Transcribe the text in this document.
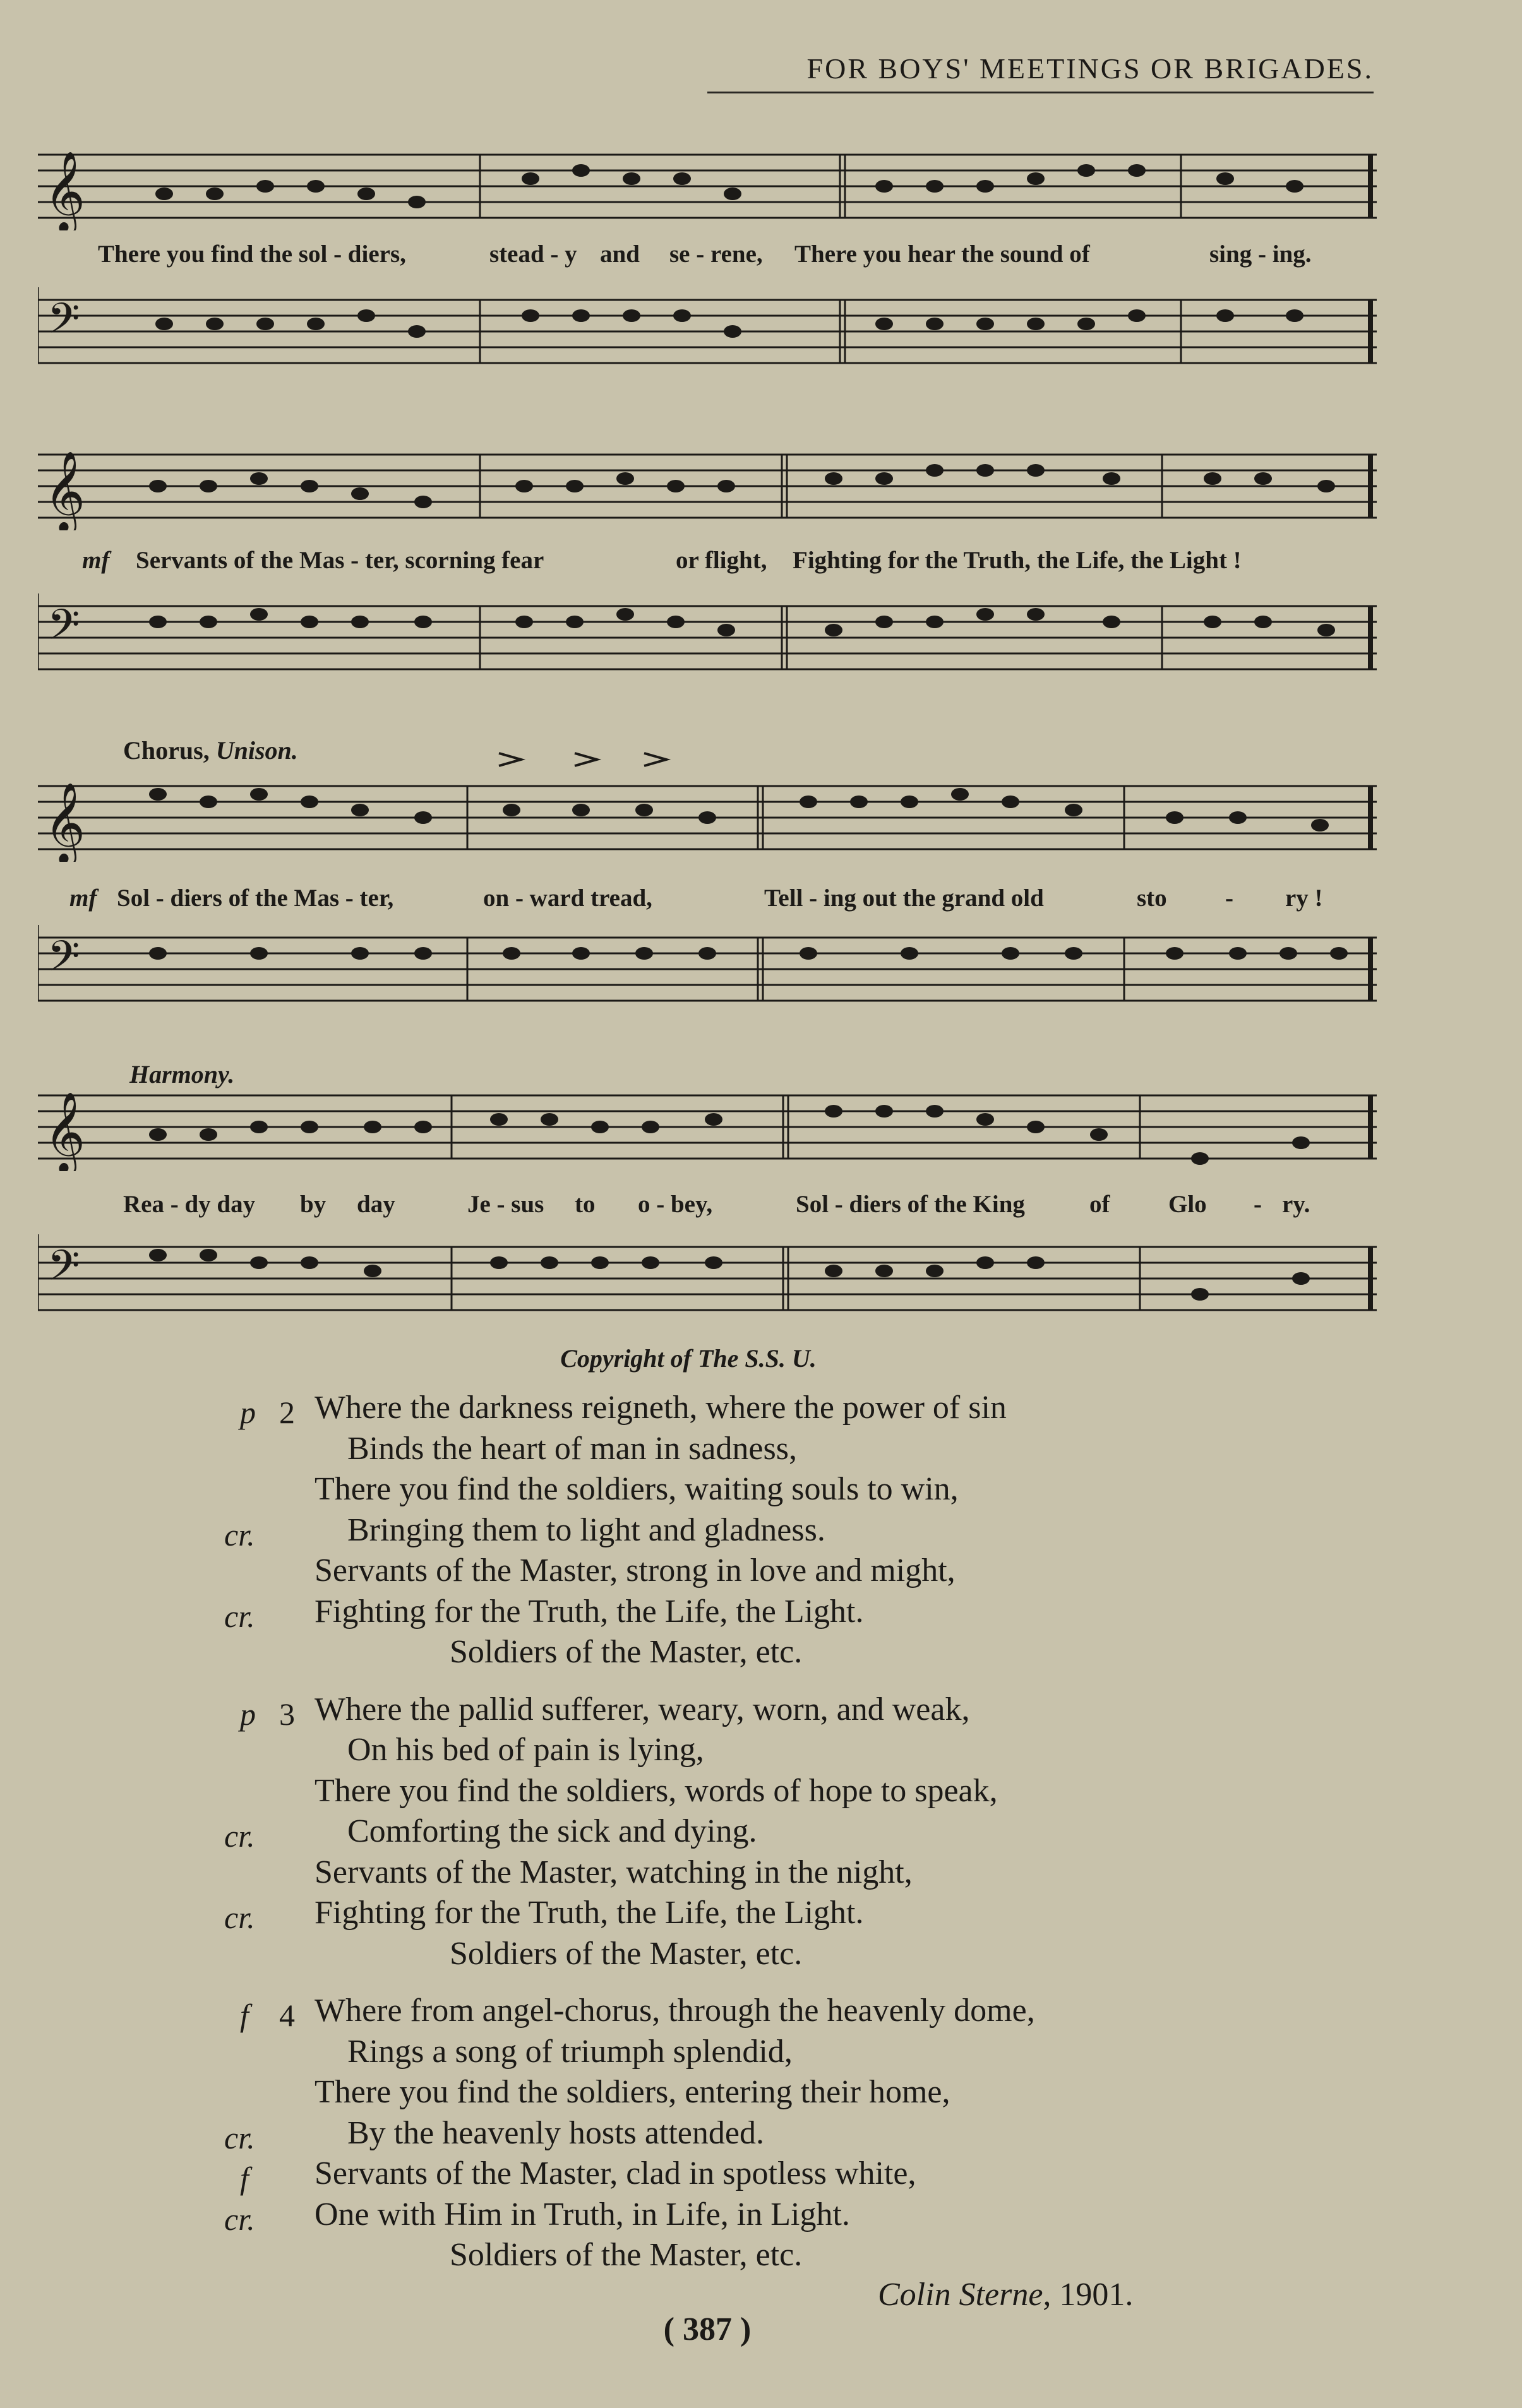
FOR BOYS' MEETINGS OR BRIGADES.
𝄞
There you find the sol - diers,	stead - y and se - rene, There you hear the sound of	sing - ing.
𝄢
𝄞
mf Servants of the Mas - ter, scorning fear	or flight, Fighting for the Truth, the Life, the Light !
𝄢
Chorus, Unison.
𝄞
mf Sol - diers of the Mas - ter,	on - ward tread,	Tell - ing out the grand old	sto - ry !
𝄢
Harmony.
𝄞
Rea - dy day by day	Je - sus to o - bey,	Sol - diers of the King	of Glo - ry.
𝄢
Copyright of The S.S. U.
2
p Where the darkness reigneth, where the power of sin
Binds the heart of man in sadness,
There you find the soldiers, waiting souls to win,
cr.	Bringing them to light and gladness.
Servants of the Master, strong in love and might,
cr. Fighting for the Truth, the Life, the Light.
Soldiers of the Master, etc.
3
p Where the pallid sufferer, weary, worn, and weak,
On his bed of pain is lying,
There you find the soldiers, words of hope to speak,
cr.	Comforting the sick and dying.
Servants of the Master, watching in the night,
cr. Fighting for the Truth, the Life, the Light.
Soldiers of the Master, etc.
4
f Where from angel-chorus, through the heavenly dome,
Rings a song of triumph splendid,
There you find the soldiers, entering their home,
cr.	By the heavenly hosts attended.
f Servants of the Master, clad in spotless white,
cr. One with Him in Truth, in Life, in Light.
Soldiers of the Master, etc.
Colin Sterne, 1901.
( 387 )
